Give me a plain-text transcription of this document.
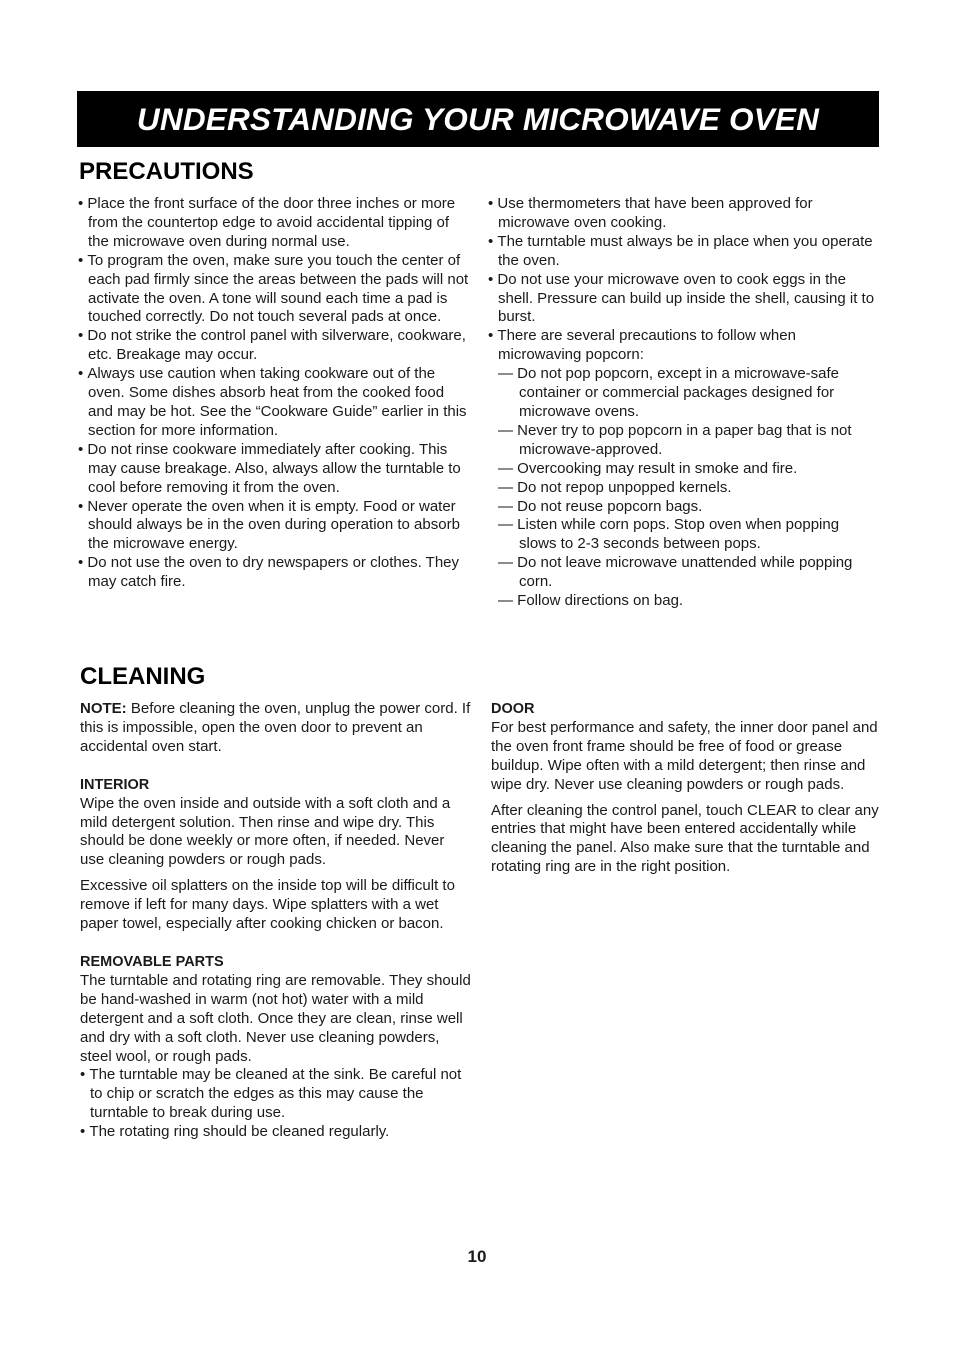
UNDERSTANDING YOUR MICROWAVE OVEN
PRECAUTIONS
• Place the front surface of the door three inches or more from the countertop edge to avoid accidental tipping of the microwave oven during normal use.
• To program the oven, make sure you touch the center of each pad firmly since the areas between the pads will not activate the oven. A tone will sound each time a pad is touched correctly. Do not touch several pads at once.
• Do not strike the control panel with silverware, cookware, etc. Breakage may occur.
• Always use caution when taking cookware out of the oven. Some dishes absorb heat from the cooked food and may be hot. See the “Cookware Guide” earlier in this section for more information.
• Do not rinse cookware immediately after cooking. This may cause breakage. Also, always allow the turntable to cool before removing it from the oven.
• Never operate the oven when it is empty. Food or water should always be in the oven during operation to absorb the microwave energy.
• Do not use the oven to dry newspapers or clothes. They may catch fire.
• Use thermometers that have been approved for microwave oven cooking.
• The turntable must always be in place when you operate the oven.
• Do not use your microwave oven to cook eggs in the shell. Pressure can build up inside the shell, causing it to burst.
• There are several precautions to follow when microwaving popcorn:
— Do not pop popcorn, except in a microwave-safe container or commercial packages designed for microwave ovens.
— Never try to pop popcorn in a paper bag that is not microwave-approved.
— Overcooking may result in smoke and fire.
— Do not repop unpopped kernels.
— Do not reuse popcorn bags.
— Listen while corn pops. Stop oven when popping slows to 2-3 seconds between pops.
— Do not leave microwave unattended while popping corn.
— Follow directions on bag.
CLEANING

NOTE: Before cleaning the oven, unplug the power cord. If this is impossible, open the oven door to prevent an accidental oven start.

INTERIOR

Wipe the oven inside and outside with a soft cloth and a mild detergent solution. Then rinse and wipe dry. This should be done weekly or more often, if needed. Never use cleaning powders or rough pads.

Excessive oil splatters on the inside top will be difficult to remove if left for many days. Wipe splatters with a wet paper towel, especially after cooking chicken or bacon.

REMOVABLE PARTS

The turntable and rotating ring are removable. They should be hand-washed in warm (not hot) water with a mild detergent and a soft cloth. Once they are clean, rinse well and dry with a soft cloth. Never use cleaning powders, steel wool, or rough pads.

• The turntable may be cleaned at the sink. Be careful not to chip or scratch the edges as this may cause the turntable to break during use.
• The rotating ring should be cleaned regularly.

DOOR

For best performance and safety, the inner door panel and the oven front frame should be free of food or grease buildup. Wipe often with a mild detergent; then rinse and wipe dry. Never use cleaning powders or rough pads.

After cleaning the control panel, touch CLEAR to clear any entries that might have been entered accidentally while cleaning the panel. Also make sure that the turntable and rotating ring are in the right position.

10
